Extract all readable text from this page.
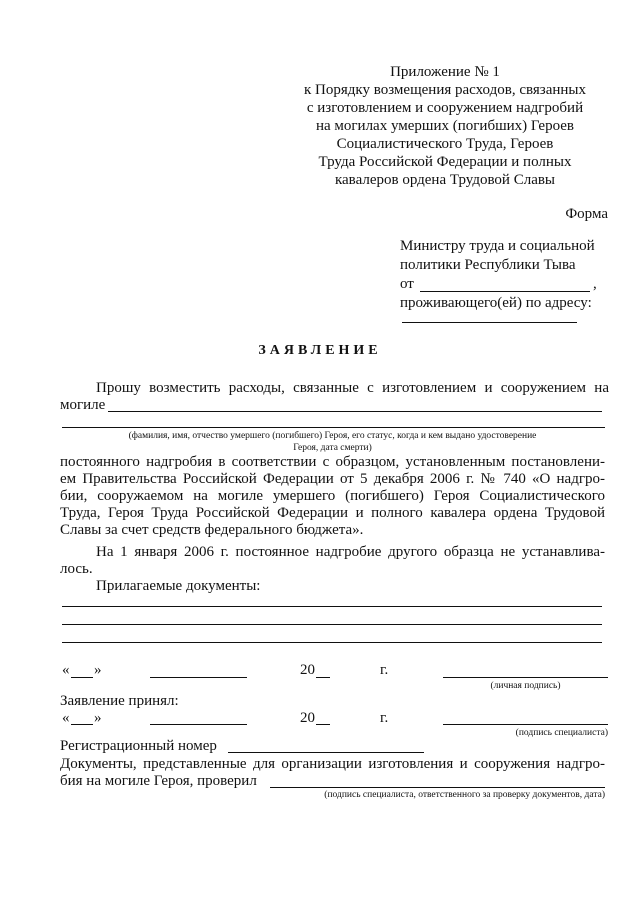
Приложение № 1
к Порядку возмещения расходов, связанных
с изготовлением и сооружением надгробий
на могилах умерших (погибших) Героев
Социалистического Труда, Героев
Труда Российской Федерации и полных
кавалеров ордена Трудовой Славы
Форма
Министру труда и социальной
политики Республики Тыва
от	,
проживающего(ей) по адресу:
ЗАЯВЛЕНИЕ
Прошу возместить расходы, связанные с изготовлением и сооружением на
могиле
(фамилия, имя, отчество умершего (погибшего) Героя, его статус, когда и кем выдано удостоверение
Героя, дата смерти)
постоянного надгробия в соответствии с образцом, установленным постановлени-
ем Правительства Российской Федерации от 5 декабря 2006 г. № 740 «О надгро-
бии, сооружаемом на могиле умершего (погибшего) Героя Социалистического
Труда, Героя Труда Российской Федерации и полного кавалера ордена Трудовой
Славы за счет средств федерального бюджета».
На 1 января 2006 г. постоянное надгробие другого образца не устанавлива-
лось.
Прилагаемые документы:
« »	20	г.
(личная подпись)
Заявление принял:
« »	20	г.
(подпись специалиста)
Регистрационный номер
Документы, представленные для организации изготовления и сооружения надгро-
бия на могиле Героя, проверил
(подпись специалиста, ответственного за проверку документов, дата)
